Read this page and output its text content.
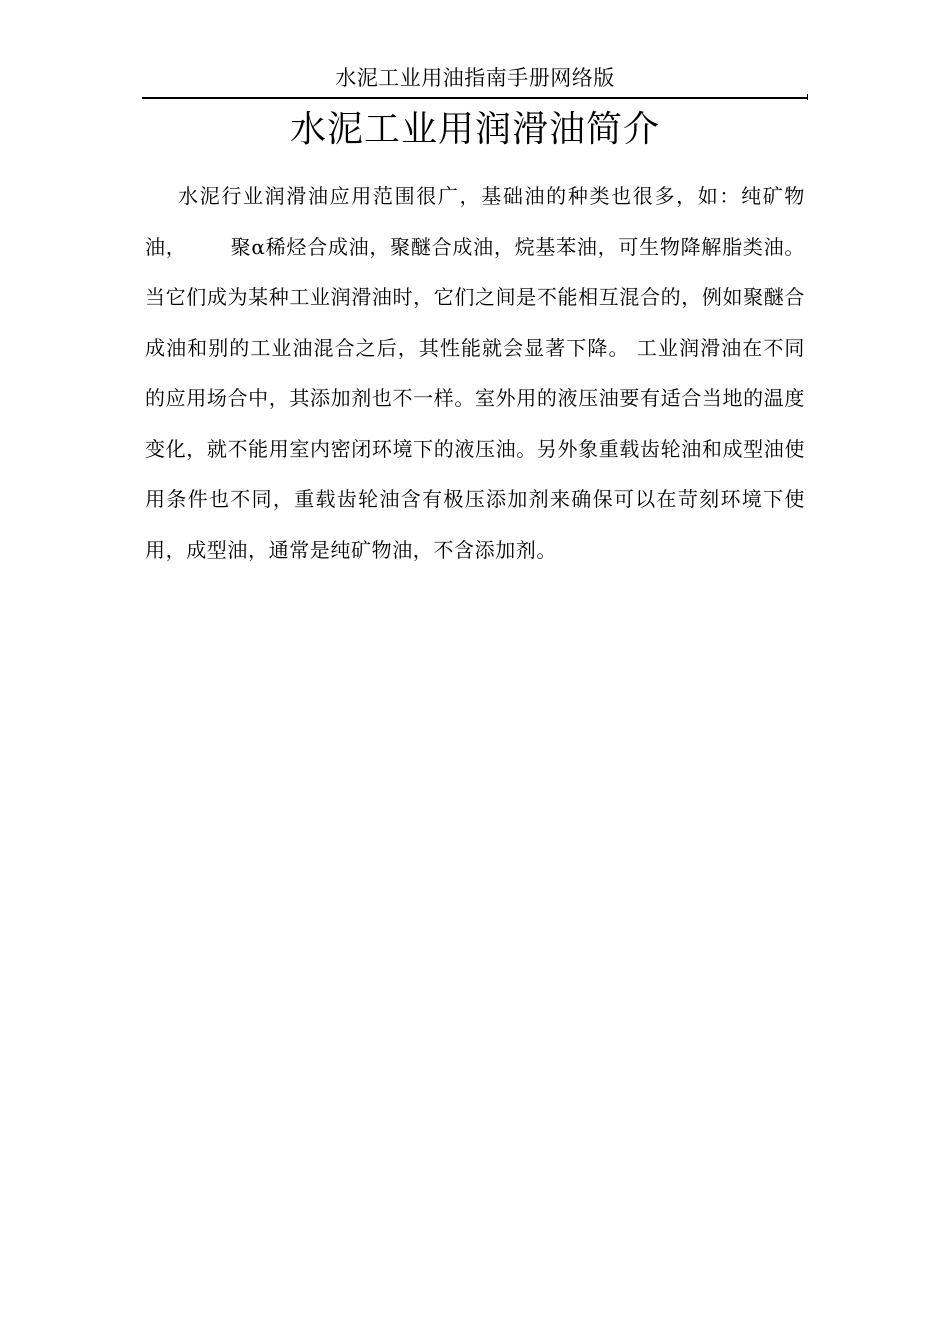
水泥工业用油指南手册网络版
水泥工业用润滑油简介

水泥行业润滑油应用范围很广，基础油的种类也很多，如：纯矿物油， 聚α稀烃合成油，聚醚合成油，烷基苯油，可生物降解脂类油。当它们成为某种工业润滑油时，它们之间是不能相互混合的，例如聚醚合成油和别的工业油混合之后，其性能就会显著下降。 工业润滑油在不同的应用场合中，其添加剂也不一样。室外用的液压油要有适合当地的温度变化，就不能用室内密闭环境下的液压油。另外象重载齿轮油和成型油使用条件也不同，重载齿轮油含有极压添加剂来确保可以在苛刻环境下使用，成型油，通常是纯矿物油，不含添加剂。
